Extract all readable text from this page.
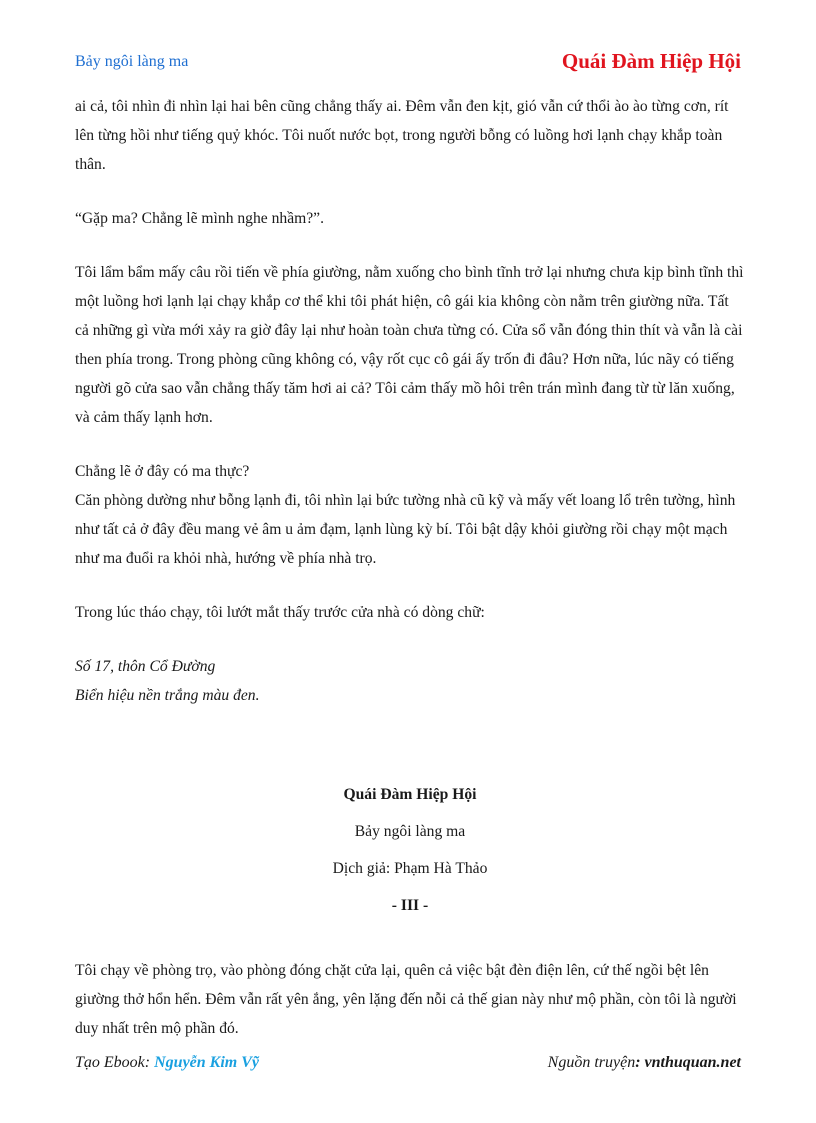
Bảy ngôi làng ma	Quái Đàm Hiệp Hội

ai cả, tôi nhìn đi nhìn lại hai bên cũng chẳng thấy ai. Đêm vẫn đen kịt, gió vẫn cứ thổi ào ào từng cơn, rít lên từng hồi như tiếng quỷ khóc. Tôi nuốt nước bọt, trong người bỗng có luồng hơi lạnh chạy khắp toàn thân.

“Gặp ma? Chẳng lẽ mình nghe nhầm?”.

Tôi lẩm bẩm mấy câu rồi tiến về phía giường, nằm xuống cho bình tĩnh trở lại nhưng chưa kịp bình tĩnh thì một luồng hơi lạnh lại chạy khắp cơ thể khi tôi phát hiện, cô gái kia không còn nằm trên giường nữa. Tất cả những gì vừa mới xảy ra giờ đây lại như hoàn toàn chưa từng có. Cửa sổ vẫn đóng thin thít và vẫn là cài then phía trong. Trong phòng cũng không có, vậy rốt cục cô gái ấy trốn đi đâu? Hơn nữa, lúc nãy có tiếng người gõ cửa sao vẫn chẳng thấy tăm hơi ai cả? Tôi cảm thấy mồ hôi trên trán mình đang từ từ lăn xuống, và cảm thấy lạnh hơn.

Chẳng lẽ ở đây có ma thực?

Căn phòng dường như bỗng lạnh đi, tôi nhìn lại bức tường nhà cũ kỹ và mấy vết loang lổ trên tường, hình như tất cả ở đây đều mang vẻ âm u ảm đạm, lạnh lùng kỳ bí. Tôi bật dậy khỏi giường rồi chạy một mạch như ma đuổi ra khỏi nhà, hướng về phía nhà trọ.

Trong lúc tháo chạy, tôi lướt mắt thấy trước cửa nhà có dòng chữ:

Số 17, thôn Cổ Đường
Biển hiệu nền trắng màu đen.

Quái Đàm Hiệp Hội

Bảy ngôi làng ma

Dịch giả: Phạm Hà Thảo

- III -

Tôi chạy về phòng trọ, vào phòng đóng chặt cửa lại, quên cả việc bật đèn điện lên, cứ thế ngồi bệt lên giường thở hổn hển. Đêm vẫn rất yên ắng, yên lặng đến nỗi cả thế gian này như mộ phần, còn tôi là người duy nhất trên mộ phần đó.

Tạo Ebook: Nguyễn Kim Vỹ	Nguồn truyện: vnthuquan.net
